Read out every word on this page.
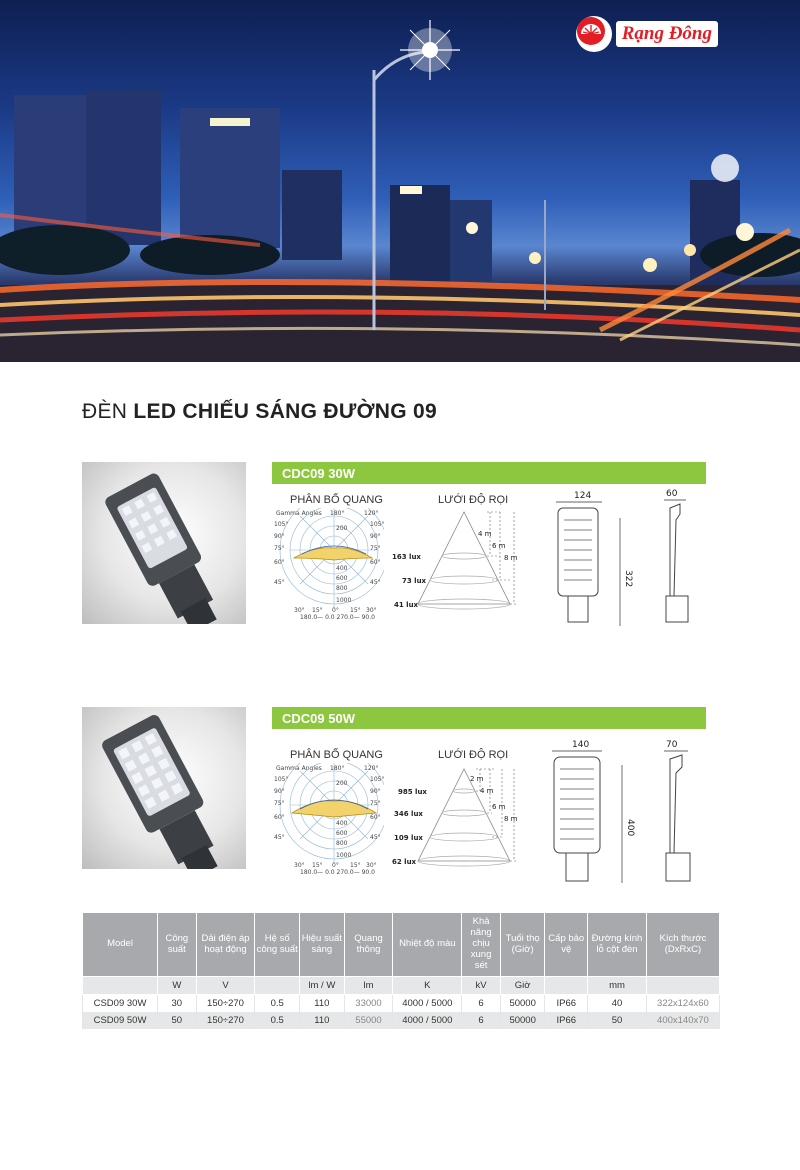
Rạng Đông
ĐÈN LED CHIẾU SÁNG ĐƯỜNG 09
CDC09 30W
PHÂN BỐ QUANG
Gamma Angles 180°
105°
90°
75°
60°
45°
120°
105°
90°
75°
60°
45°
200
400
600
800
1000
30° 15° 0° 15° 30°
180.0— 0.0 270.0— 90.0
LƯỚI ĐỘ RỌI
163 lux
73 lux
41 lux
4 m
6 m
8 m
124
322
60
CDC09 50W
PHÂN BỐ QUANG
Gamma Angles 180°
105°
90°
75°
60°
45°
120°
105°
90°
75°
60°
45°
200
400
600
800
1000
30° 15° 0° 15° 30°
180.0— 0.0 270.0— 90.0
LƯỚI ĐỘ RỌI
985 lux
346 lux
109 lux
62 lux
2 m
4 m
6 m
8 m
140
400
70
Model	Công suất	Dải điện áp hoạt động	Hệ số công suất	Hiệu suất sáng	Quang thông	Nhiệt độ màu	Khả năng chịu xung sét	Tuổi thọ (Giờ)	Cấp bảo vệ	Đường kính lỗ cột đèn	Kích thước (DxRxC)
	W	V		lm / W	lm	K	kV	Giờ		mm	
CSD09 30W	30	150÷270	0.5	110	33000	4000 / 5000	6	50000	IP66	40	322x124x60
CSD09 50W	50	150÷270	0.5	110	55000	4000 / 5000	6	50000	IP66	50	400x140x70
